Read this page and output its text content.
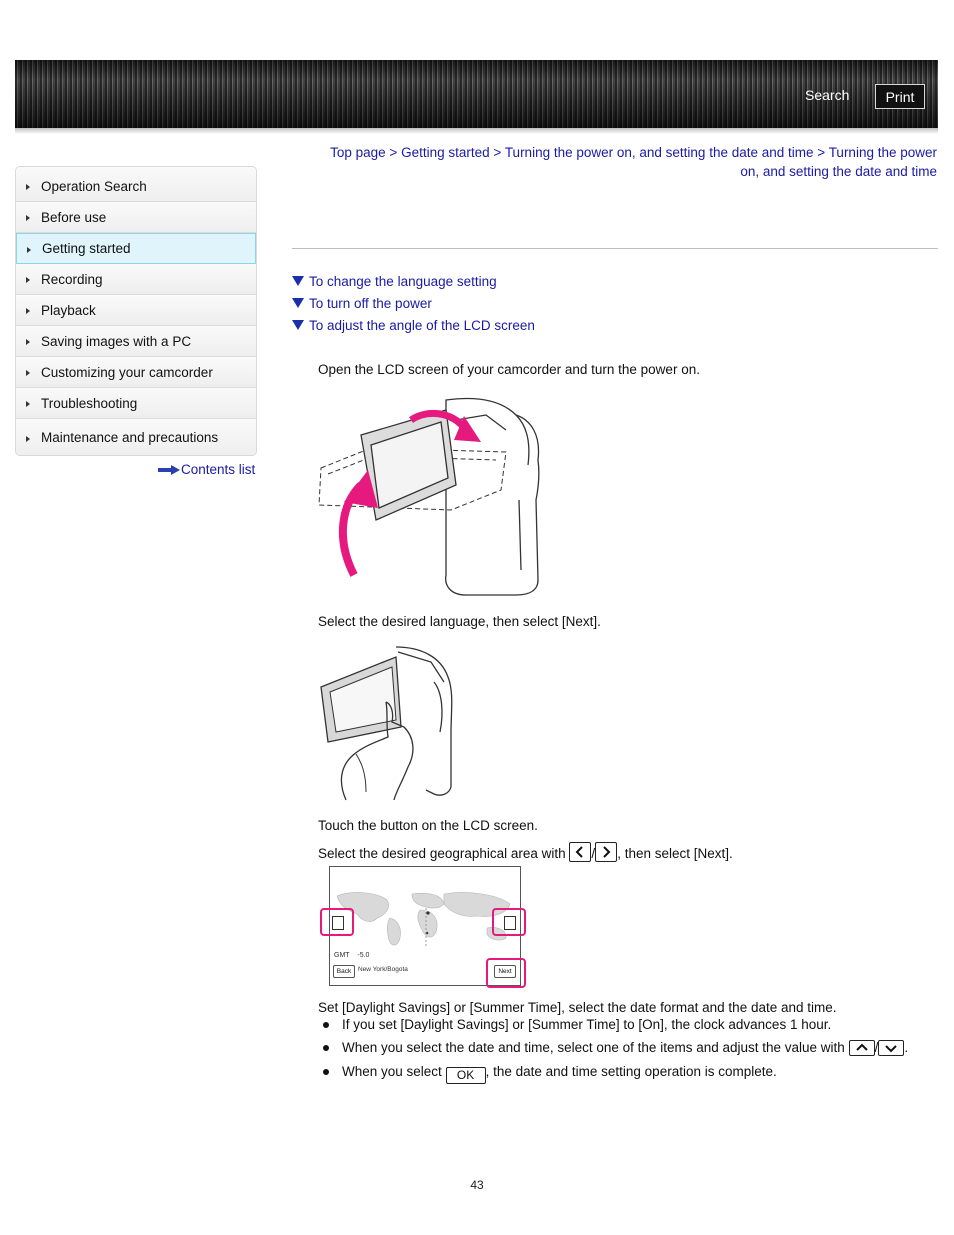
Search	Print
Top page > Getting started > Turning the power on, and setting the date and time > Turning the power
on, and setting the date and time
Operation Search
Before use
Getting started
Recording
Playback
Saving images with a PC
Customizing your camcorder
Troubleshooting
Maintenance and precautions
Contents list
To change the language setting
To turn off the power
To adjust the angle of the LCD screen
Open the LCD screen of your camcorder and turn the power on.
Select the desired language, then select [Next].
Touch the button on the LCD screen.
Select the desired geographical area with / , then select [Next].
GMT -5.0
Back	New York/Bogota	Next
Set [Daylight Savings] or [Summer Time], select the date format and the date and time.
If you set [Daylight Savings] or [Summer Time] to [On], the clock advances 1 hour.
When you select the date and time, select one of the items and adjust the value with / .
When you select OK , the date and time setting operation is complete.
43
